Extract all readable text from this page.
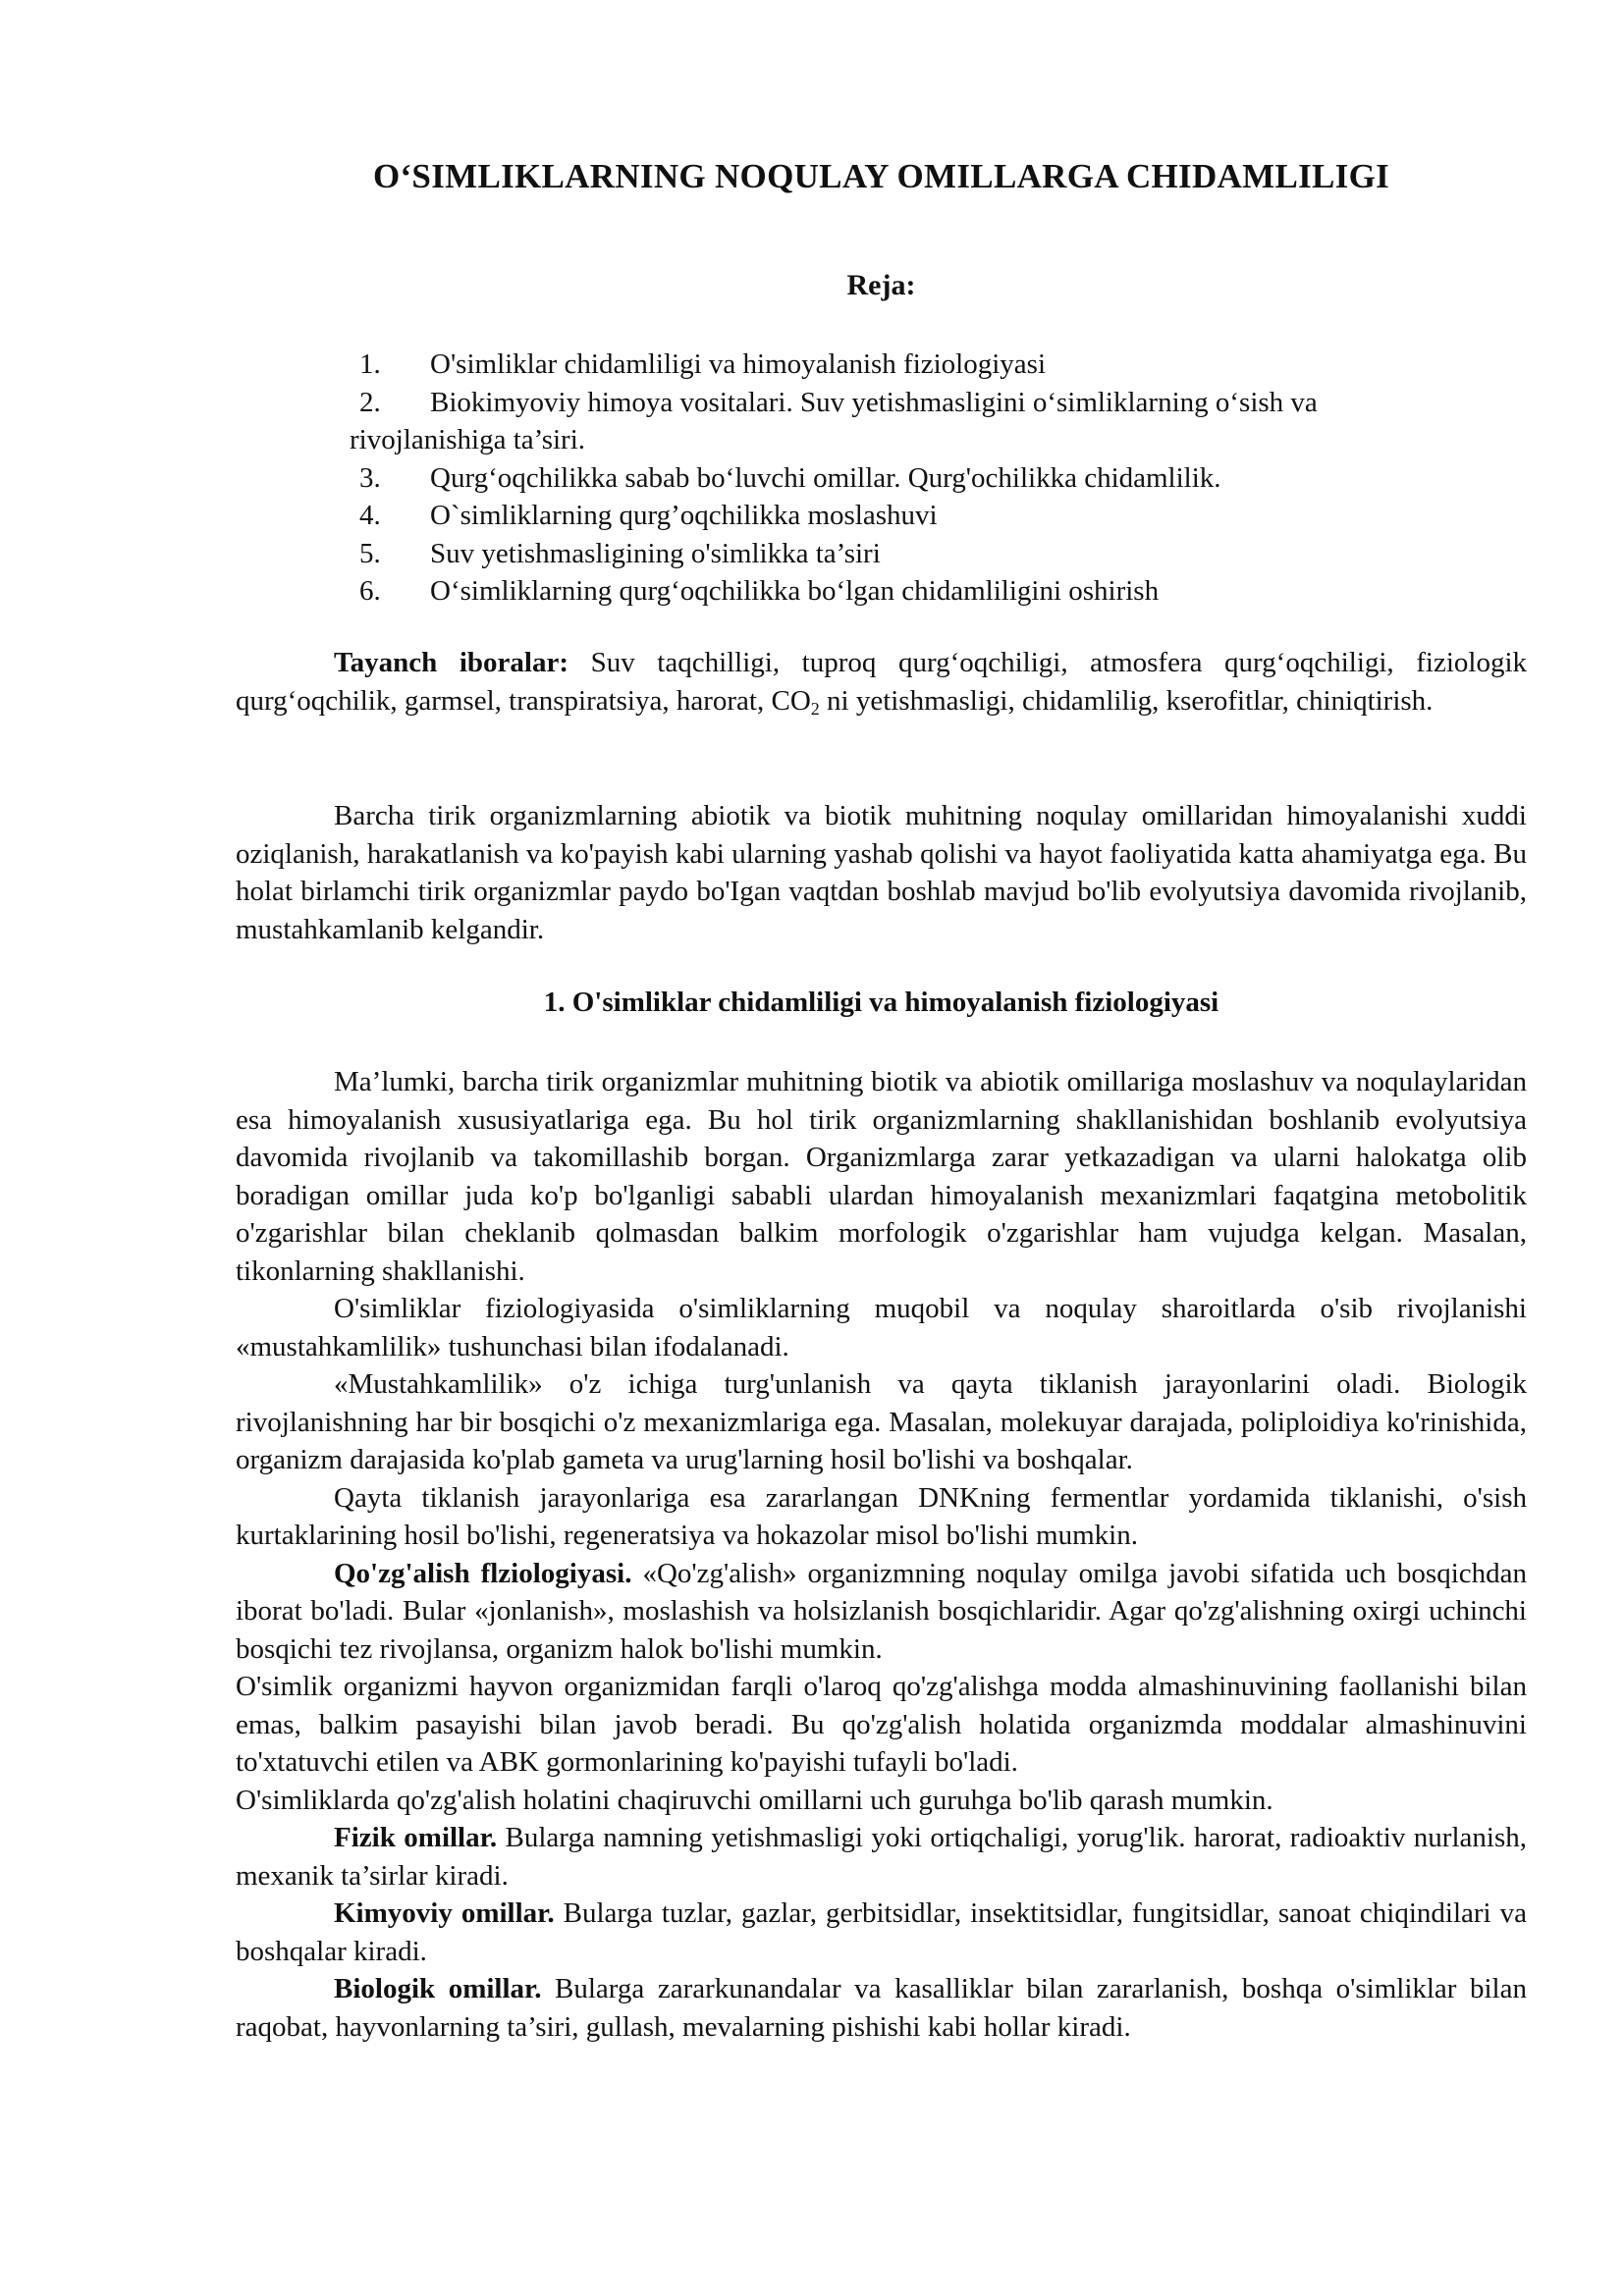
O‘SIMLIKLARNING NOQULAY OMILLARGA CHIDAMLILIGI
Reja:
1. O'simliklar chidamliligi va himoyalanish fiziologiyasi
2. Biokimyoviy himoya vositalari. Suv yetishmasligini o‘simliklarning o‘sish va
rivojlanishiga ta’siri.
3. Qurg‘oqchilikka sabab bo‘luvchi omillar. Qurg'ochilikka chidamlilik.
4. O`simliklarning qurg’oqchilikka moslashuvi
5. Suv yetishmasligining o'simlikka ta’siri
6. O‘simliklarning qurg‘oqchilikka bo‘lgan chidamliligini oshirish
Tayanch iboralar: Suv taqchilligi, tuproq qurg‘oqchiligi, atmosfera qurg‘oqchiligi, fiziologik qurg‘oqchilik, garmsel, transpiratsiya, harorat, $CO_2$ ni yetishmasligi, chidamlilig, kserofitlar, chiniqtirish.

Barcha tirik organizmlarning abiotik va biotik muhitning noqulay omillaridan himoyalanishi xuddi oziqlanish, harakatlanish va ko'payish kabi ularning yashab qolishi va hayot faoliyatida katta ahamiyatga ega. Bu holat birlamchi tirik organizmlar paydo bo'Igan vaqtdan boshlab mavjud bo'lib evolyutsiya davomida rivojlanib, mustahkamlanib kelgandir.

1. O'simliklar chidamliligi va himoyalanish fiziologiyasi

Ma’lumki, barcha tirik organizmlar muhitning biotik va abiotik omillariga moslashuv va noqulaylaridan esa himoyalanish xususiyatlariga ega. Bu hol tirik organizmlarning shakllanishidan boshlanib evolyutsiya davomida rivojlanib va takomillashib borgan. Organizmlarga zarar yetkazadigan va ularni halokatga olib boradigan omillar juda ko'p bo'lganligi sababli ulardan himoyalanish mexanizmlari faqatgina metobolitik o'zgarishlar bilan cheklanib qolmasdan balkim morfologik o'zgarishlar ham vujudga kelgan. Masalan, tikonlarning shakllanishi.

O'simliklar fiziologiyasida o'simliklarning muqobil va noqulay sharoitlarda o'sib rivojlanishi «mustahkamlilik» tushunchasi bilan ifodalanadi.

«Mustahkamlilik» o'z ichiga turg'unlanish va qayta tiklanish jarayonlarini oladi. Biologik rivojlanishning har bir bosqichi o'z mexanizmlariga ega. Masalan, molekuyar darajada, poliploidiya ko'rinishida, organizm darajasida ko'plab gameta va urug'larning hosil bo'lishi va boshqalar.

Qayta tiklanish jarayonlariga esa zararlangan DNKning fermentlar yordamida tiklanishi, o'sish kurtaklarining hosil bo'lishi, regeneratsiya va hokazolar misol bo'lishi mumkin.

Qo'zg'alish flziologiyasi. «Qo'zg'alish» organizmning noqulay omilga javobi sifatida uch bosqichdan iborat bo'ladi. Bular «jonlanish», moslashish va holsizlanish bosqichlaridir. Agar qo'zg'alishning oxirgi uchinchi bosqichi tez rivojlansa, organizm halok bo'lishi mumkin.

O'simlik organizmi hayvon organizmidan farqli o'laroq qo'zg'alishga modda almashinuvining faollanishi bilan emas, balkim pasayishi bilan javob beradi. Bu qo'zg'alish holatida organizmda moddalar almashinuvini to'xtatuvchi etilen va ABK gormonlarining ko'payishi tufayli bo'ladi.

O'simliklarda qo'zg'alish holatini chaqiruvchi omillarni uch guruhga bo'lib qarash mumkin.

Fizik omillar. Bularga namning yetishmasligi yoki ortiqchaligi, yorug'lik. harorat, radioaktiv nurlanish, mexanik ta’sirlar kiradi.

Kimyoviy omillar. Bularga tuzlar, gazlar, gerbitsidlar, insektitsidlar, fungitsidlar, sanoat chiqindilari va boshqalar kiradi.

Biologik omillar. Bularga zararkunandalar va kasalliklar bilan zararlanish, boshqa o'simliklar bilan raqobat, hayvonlarning ta’siri, gullash, mevalarning pishishi kabi hollar kiradi.
